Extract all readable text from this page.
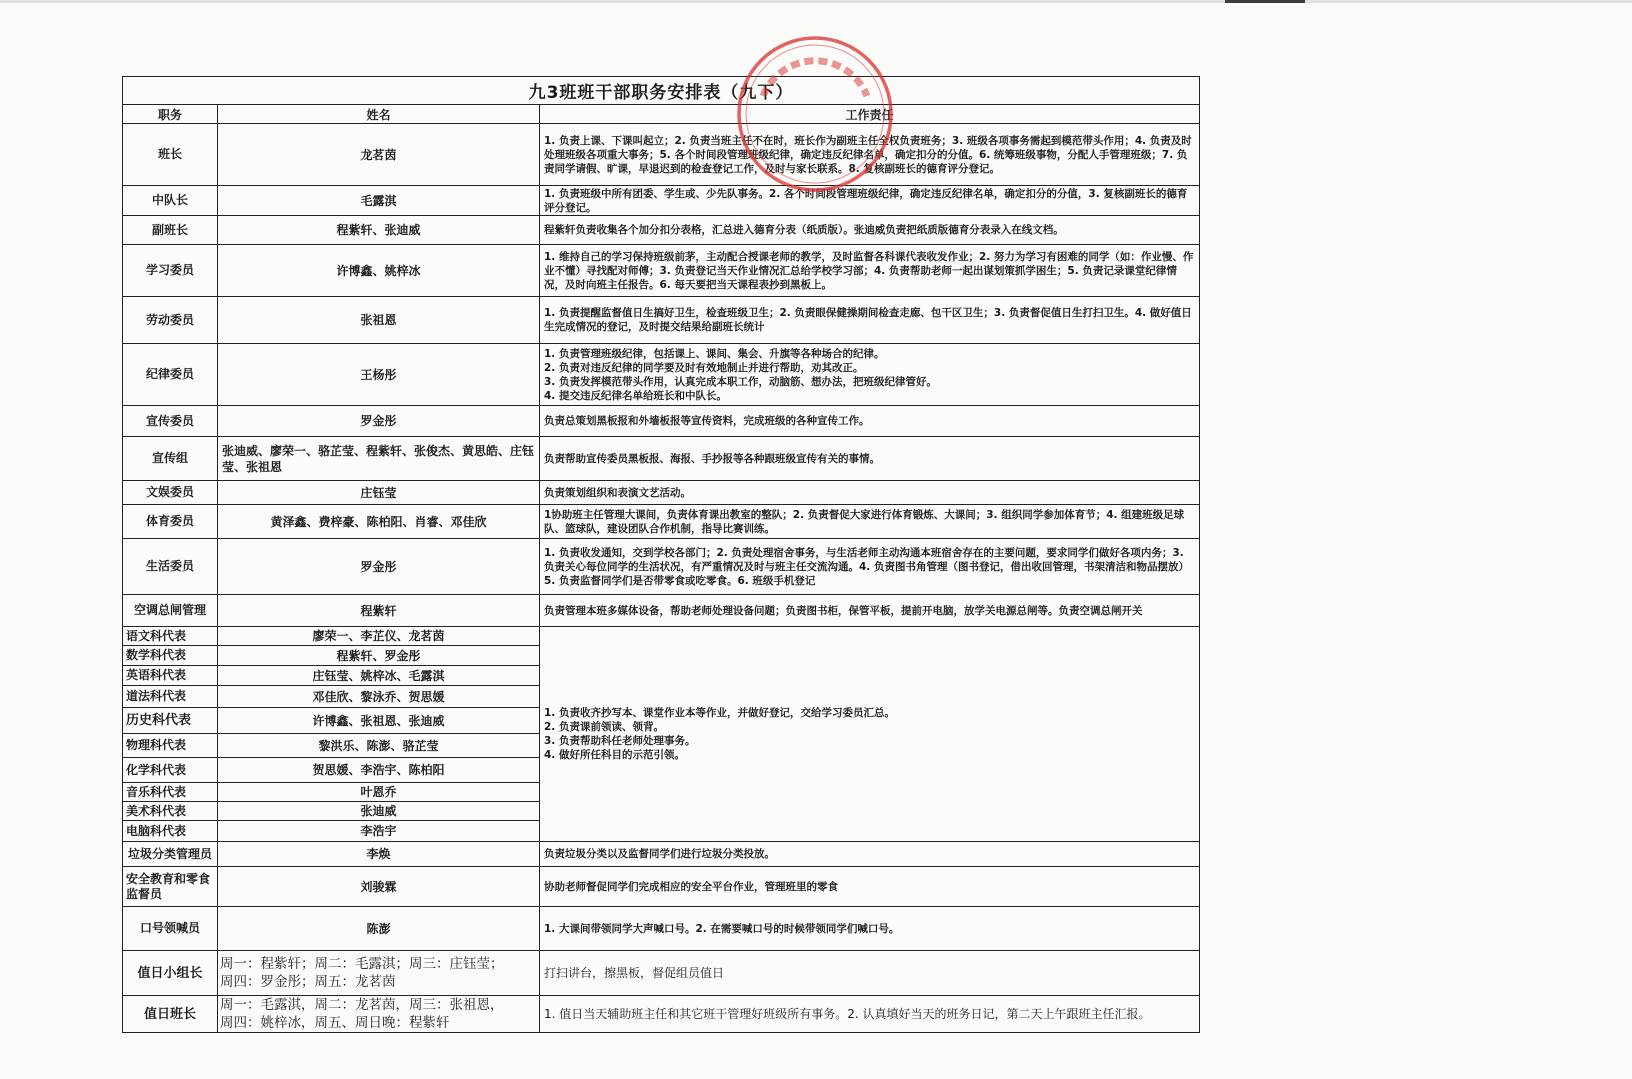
九3班班干部职务安排表（九下）		
职务	姓名	工作责任
班长	龙茗茵	1. 负责上课、下课叫起立；2. 负责当班主任不在时，班长作为副班主任全权负责班务；3. 班级各项事务需起到模范带头作用；4. 负责及时处理班级各项重大事务；5. 各个时间段管理班级纪律，确定违反纪律名单，确定扣分的分值。6. 统筹班级事物，分配人手管理班级；7. 负责同学请假、旷课，早退迟到的检查登记工作，及时与家长联系。8. 复核副班长的德育评分登记。
中队长	毛露淇	1. 负责班级中所有团委、学生或、少先队事务。2. 各个时间段管理班级纪律，确定违反纪律名单，确定扣分的分值，3. 复核副班长的德育评分登记。
副班长	程紫轩、张迪威	程紫轩负责收集各个加分扣分表格，汇总进入德育分表（纸质版）。张迪威负责把纸质版德育分表录入在线文档。
学习委员	许博鑫、姚梓冰	1. 维持自己的学习保持班级前茅，主动配合授课老师的教学，及时监督各科课代表收发作业；2. 努力为学习有困难的同学（如：作业慢、作业不懂）寻找配对师傅；3. 负责登记当天作业情况汇总给学校学习部；4. 负责帮助老师一起出谋划策抓学困生；5. 负责记录课堂纪律情况，及时向班主任报告。6. 每天要把当天课程表抄到黑板上。
劳动委员	张祖恩	1. 负责提醒监督值日生搞好卫生，检查班级卫生；2. 负责眼保健操期间检查走廊、包干区卫生；3. 负责督促值日生打扫卫生。4. 做好值日生完成情况的登记，及时提交结果给副班长统计
纪律委员	王杨彤	1. 负责管理班级纪律，包括课上、课间、集会、升旗等各种场合的纪律。
2. 负责对违反纪律的同学要及时有效地制止并进行帮助，劝其改正。
3. 负责发挥模范带头作用，认真完成本职工作，动脑筋、想办法，把班级纪律管好。
4. 提交违反纪律名单给班长和中队长。

宣传委员	罗金彤	负责总策划黑板报和外墙板报等宣传资料，完成班级的各种宣传工作。
宣传组	张迪威、廖荣一、骆芷莹、程紫轩、张俊杰、黄思皓、庄钰莹、张祖恩	负责帮助宣传委员黑板报、海报、手抄报等各种跟班级宣传有关的事情。
文娱委员	庄钰莹	负责策划组织和表演文艺活动。
体育委员	黄泽鑫、费梓豪、陈柏阳、肖睿、邓佳欣	1协助班主任管理大课间，负责体育课出教室的整队；2. 负责督促大家进行体育锻炼、大课间；3. 组织同学参加体育节；4. 组建班级足球队、篮球队，建设团队合作机制，指导比赛训练。
生活委员	罗金彤	1. 负责收发通知，交到学校各部门；2. 负责处理宿舍事务，与生活老师主动沟通本班宿舍存在的主要问题，要求同学们做好各项内务；3. 负责关心每位同学的生活状况，有严重情况及时与班主任交流沟通。4. 负责图书角管理（图书登记，借出收回管理，书架清洁和物品摆放）5. 负责监督同学们是否带零食或吃零食。6. 班级手机登记
空调总闸管理	程紫轩	负责管理本班多媒体设备，帮助老师处理设备问题；负责图书柜，保管平板，提前开电脑，放学关电源总闸等。负责空调总闸开关
语文科代表	廖荣一、李芷仪、龙茗茵	1. 负责收齐抄写本、课堂作业本等作业，并做好登记，交给学习委员汇总。
2. 负责课前领读、领背。
3. 负责帮助科任老师处理事务。
4. 做好所任科目的示范引领。

数学科代表	程紫轩、罗金彤	
英语科代表	庄钰莹、姚梓冰、毛露淇	
道法科代表	邓佳欣、黎泳乔、贺思媛	
历史科代表	许博鑫、张祖恩、张迪威	
物理科代表	黎洪乐、陈澎、骆芷莹	
化学科代表	贺思媛、李浩宇、陈柏阳	
音乐科代表	叶恩乔	
美术科代表	张迪威	
电脑科代表	李浩宇	
垃圾分类管理员	李焕	负责垃圾分类以及监督同学们进行垃圾分类投放。
安全教育和零食监督员	刘骏霖	协助老师督促同学们完成相应的安全平台作业，管理班里的零食
口号领喊员	陈澎	1. 大课间带领同学大声喊口号。2. 在需要喊口号的时候带领同学们喊口号。
值日小组长	周一：程紫轩；周二：毛露淇；周三：庄钰莹；
周四：罗金彤；周五：龙茗茵	打扫讲台，擦黑板，督促组员值日
值日班长	周一：毛露淇，周二：龙茗茵，周三：张祖恩，
周四：姚梓冰，周五、周日晚：程紫轩	1. 值日当天辅助班主任和其它班干管理好班级所有事务。2. 认真填好当天的班务日记，第二天上午跟班主任汇报。
